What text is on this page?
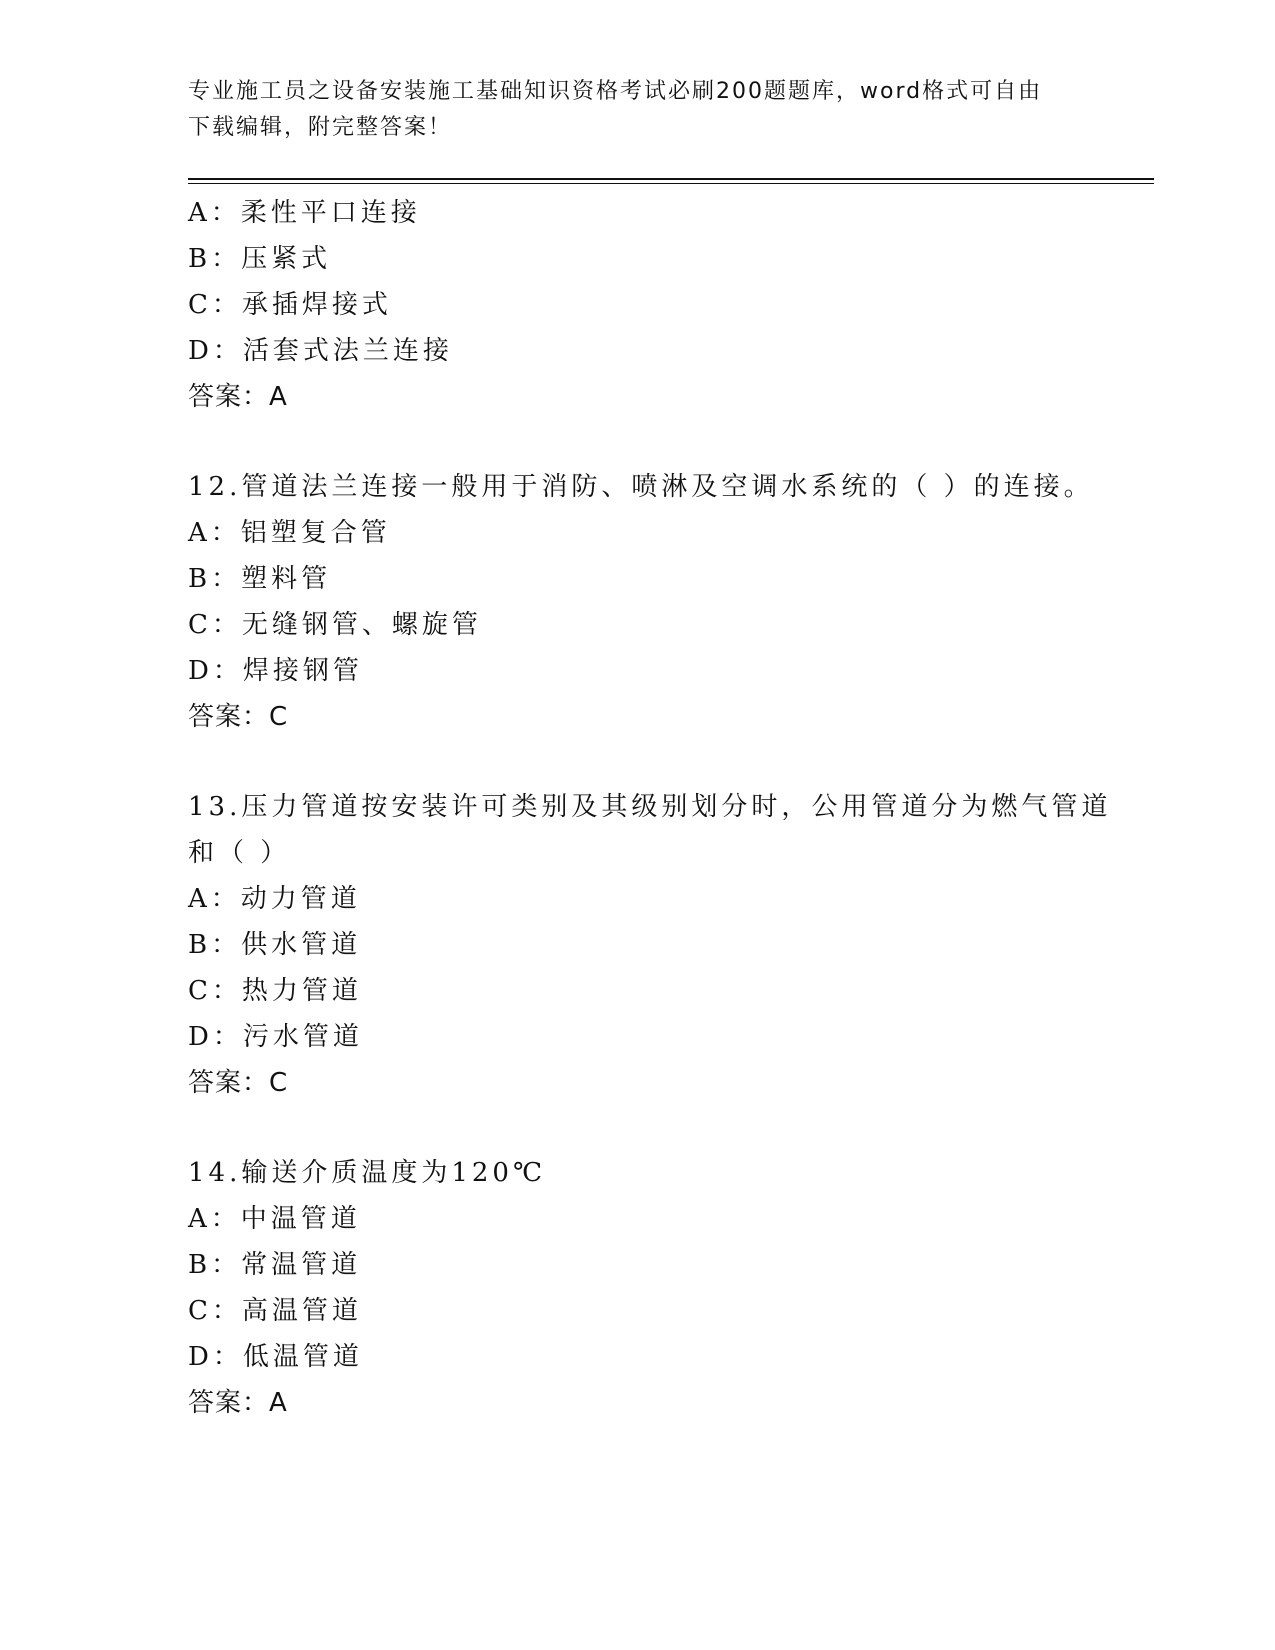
专业施工员之设备安装施工基础知识资格考试必刷200题题库，word格式可自由
下载编辑，附完整答案！
A：柔性平口连接
B：压紧式
C：承插焊接式
D：活套式法兰连接
答案：A
12.管道法兰连接一般用于消防、喷淋及空调水系统的（ ）的连接。
A：铝塑复合管
B：塑料管
C：无缝钢管、螺旋管
D：焊接钢管
答案：C
13.压力管道按安装许可类别及其级别划分时，公用管道分为燃气管道
和（ ）
A：动力管道
B：供水管道
C：热力管道
D：污水管道
答案：C
14.输送介质温度为120℃
A：中温管道
B：常温管道
C：高温管道
D：低温管道
答案：A
